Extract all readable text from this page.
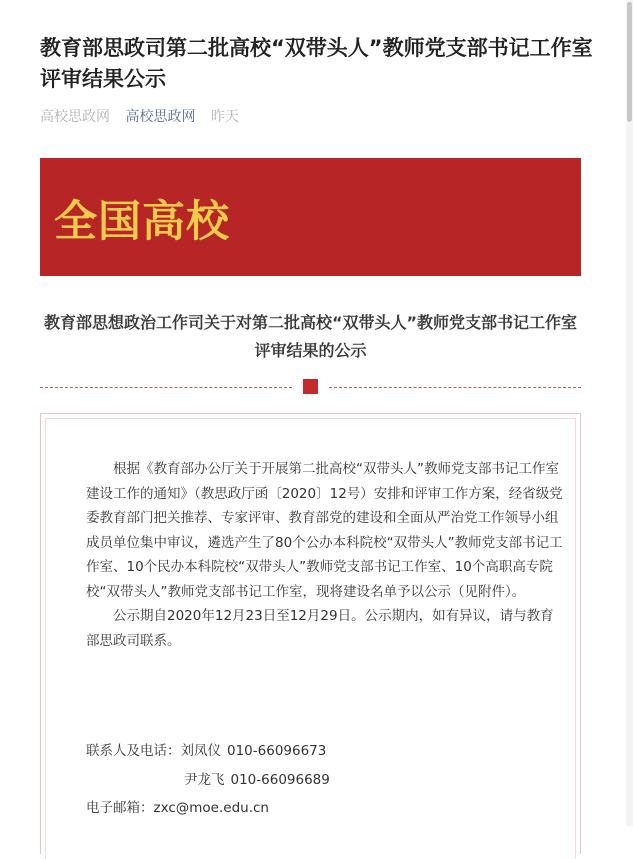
教育部思政司第二批高校“双带头人”教师党支部书记工作室评审结果公示
高校思政网 高校思政网 昨天
全国高校
教育部思想政治工作司关于对第二批高校“双带头人”教师党支部书记工作室评审结果的公示

根据《教育部办公厅关于开展第二批高校“双带头人”教师党支部书记工作室建设工作的通知》（教思政厅函〔2020〕12号）安排和评审工作方案，经省级党委教育部门把关推荐、专家评审、教育部党的建设和全面从严治党工作领导小组成员单位集中审议，遴选产生了80个公办本科院校“双带头人”教师党支部书记工作室、10个民办本科院校“双带头人”教师党支部书记工作室、10个高职高专院校“双带头人”教师党支部书记工作室，现将建设名单予以公示（见附件）。

公示期自2020年12月23日至12月29日。公示期内，如有异议，请与教育部思政司联系。

联系人及电话：刘凤仪 010-66096673
尹龙飞 010-66096689
电子邮箱：zxc@moe.edu.cn
